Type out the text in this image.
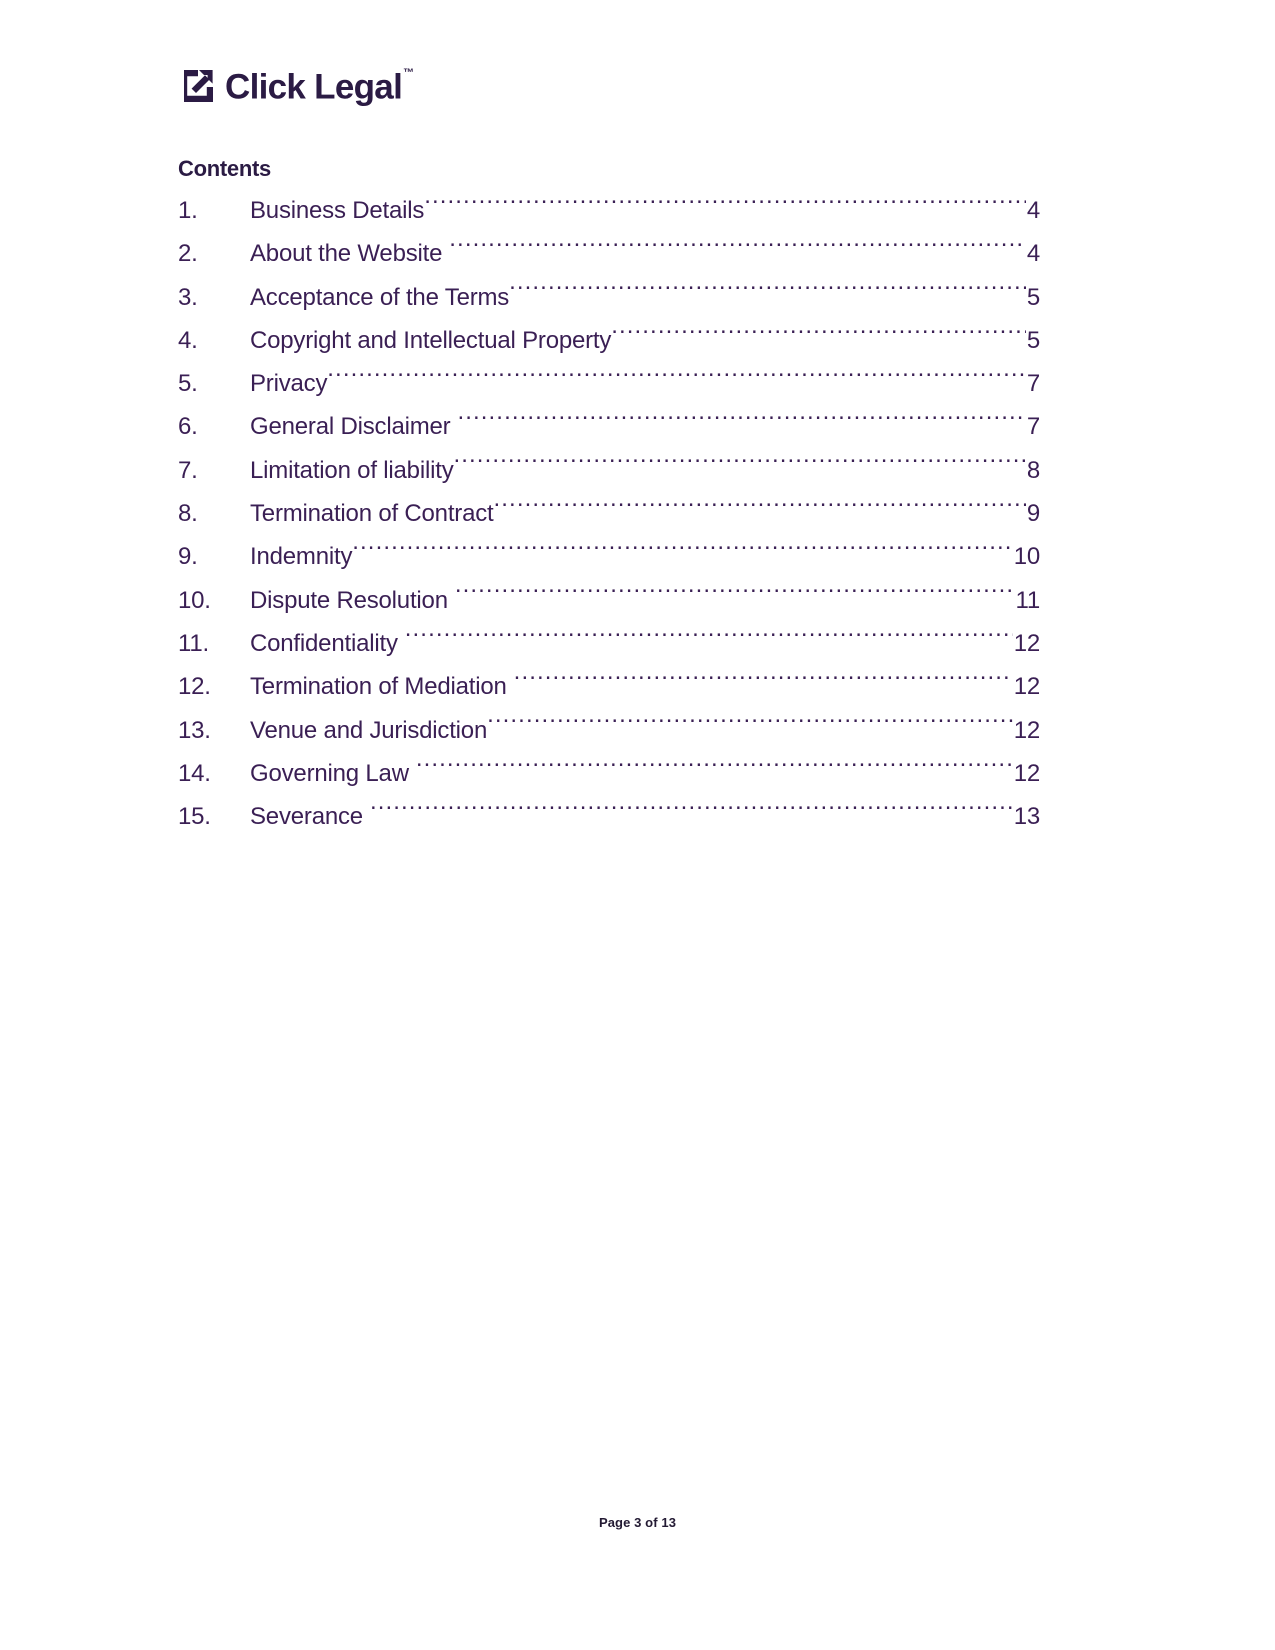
Click Legal™
Contents
1.	Business Details .....	4
2.	About the Website .....	4
3.	Acceptance of the Terms .....	5
4.	Copyright and Intellectual Property .....	5
5.	Privacy .....	7
6.	General Disclaimer .....	7
7.	Limitation of liability .....	8
8.	Termination of Contract .....	9
9.	Indemnity .....	10
10.	Dispute Resolution .....	11
11.	Confidentiality .....	12
12.	Termination of Mediation .....	12
13.	Venue and Jurisdiction .....	12
14.	Governing Law .....	12
15.	Severance .....	13
Page 3 of 13
